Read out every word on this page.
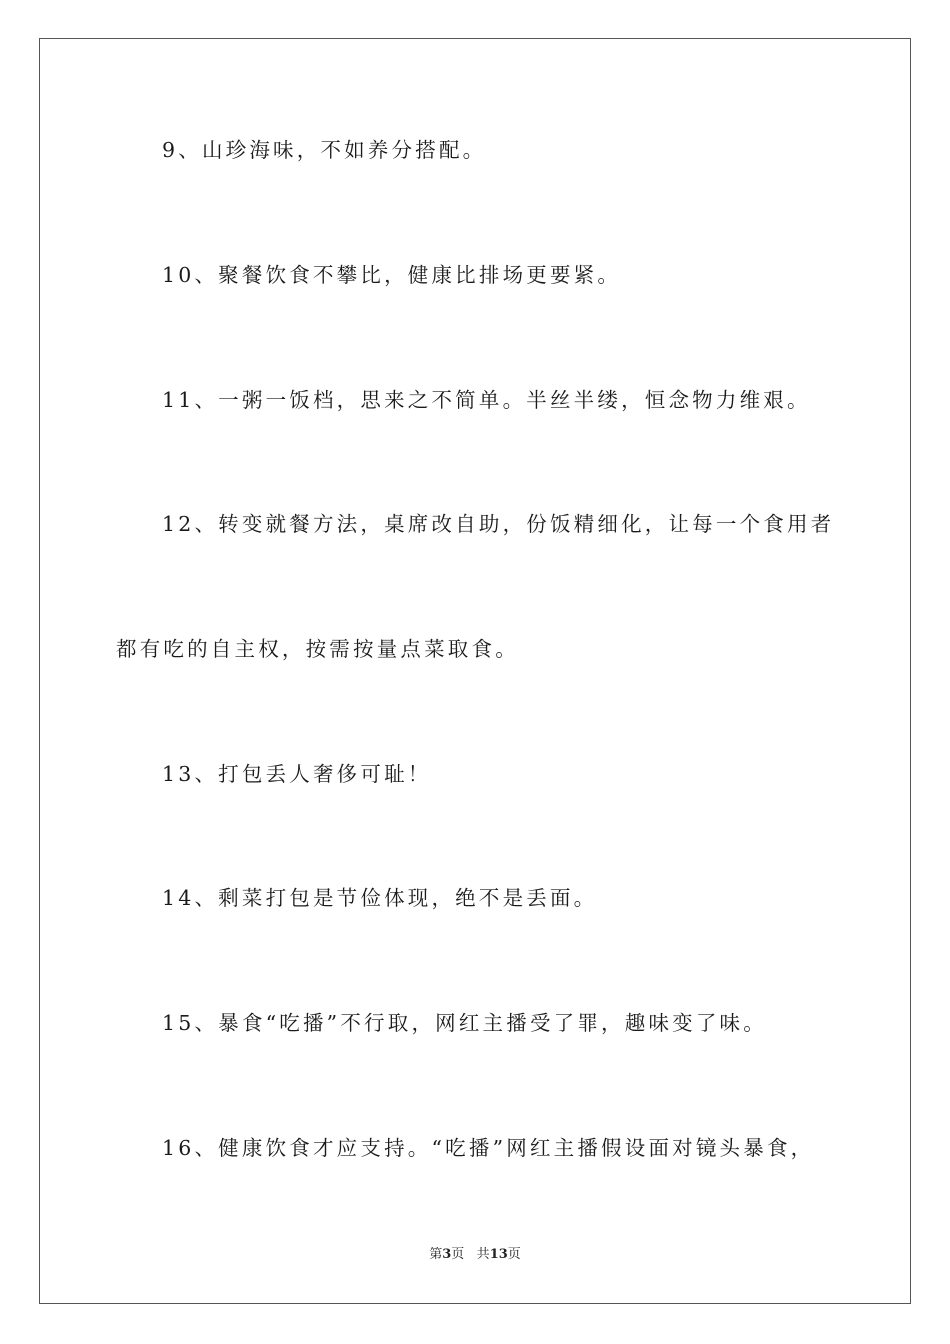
9、山珍海味，不如养分搭配。

10、聚餐饮食不攀比，健康比排场更要紧。

11、一粥一饭档，思来之不简单。半丝半缕，恒念物力维艰。

12、转变就餐方法，桌席改自助，份饭精细化，让每一个食用者

都有吃的自主权，按需按量点菜取食。

13、打包丢人奢侈可耻！

14、剩菜打包是节俭体现，绝不是丢面。

15、暴食“吃播”不行取，网红主播受了罪，趣味变了味。

16、健康饮食才应支持。“吃播”网红主播假设面对镜头暴食，

第3页 共13页
